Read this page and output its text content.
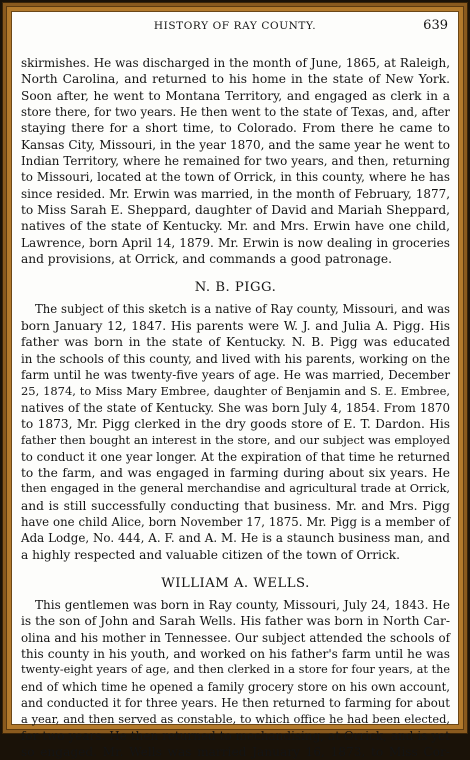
HISTORY OF RAY COUNTY.	639
skirmishes. He was discharged in the month of June, 1865, at Raleigh,
North Carolina, and returned to his home in the state of New York.
Soon after, he went to Montana Territory, and engaged as clerk in a
store there, for two years. He then went to the state of Texas, and, after
staying there for a short time, to Colorado. From there he came to
Kansas City, Missouri, in the year 1870, and the same year he went to
Indian Territory, where he remained for two years, and then, returning
to Missouri, located at the town of Orrick, in this county, where he has
since resided. Mr. Erwin was married, in the month of February, 1877,
to Miss Sarah E. Sheppard, daughter of David and Mariah Sheppard,
natives of the state of Kentucky. Mr. and Mrs. Erwin have one child,
Lawrence, born April 14, 1879. Mr. Erwin is now dealing in groceries
and provisions, at Orrick, and commands a good patronage.
N. B. PIGG.
The subject of this sketch is a native of Ray county, Missouri, and was
born January 12, 1847. His parents were W. J. and Julia A. Pigg. His
father was born in the state of Kentucky. N. B. Pigg was educated
in the schools of this county, and lived with his parents, working on the
farm until he was twenty-five years of age. He was married, December
25, 1874, to Miss Mary Embree, daughter of Benjamin and S. E. Embree,
natives of the state of Kentucky. She was born July 4, 1854. From 1870
to 1873, Mr. Pigg clerked in the dry goods store of E. T. Dardon. His
father then bought an interest in the store, and our subject was employed
to conduct it one year longer. At the expiration of that time he returned
to the farm, and was engaged in farming during about six years. He
then engaged in the general merchandise and agricultural trade at Orrick,
and is still successfully conducting that business. Mr. and Mrs. Pigg
have one child Alice, born November 17, 1875. Mr. Pigg is a member of
Ada Lodge, No. 444, A. F. and A. M. He is a staunch business man, and
a highly respected and valuable citizen of the town of Orrick.
WILLIAM A. WELLS.
This gentlemen was born in Ray county, Missouri, July 24, 1843. He
is the son of John and Sarah Wells. His father was born in North Car-
olina and his mother in Tennessee. Our subject attended the schools of
this county in his youth, and worked on his father's farm until he was
twenty-eight years of age, and then clerked in a store for four years, at the
end of which time he opened a family grocery store on his own account,
and conducted it for three years. He then returned to farming for about
a year, and then served as constable, to which office he had been elected,
for two years. He then returned to mechandising, at Orrick, and is yet
so engaged. Mr. Wells was married January 16, 1873, to Miss Cor-
